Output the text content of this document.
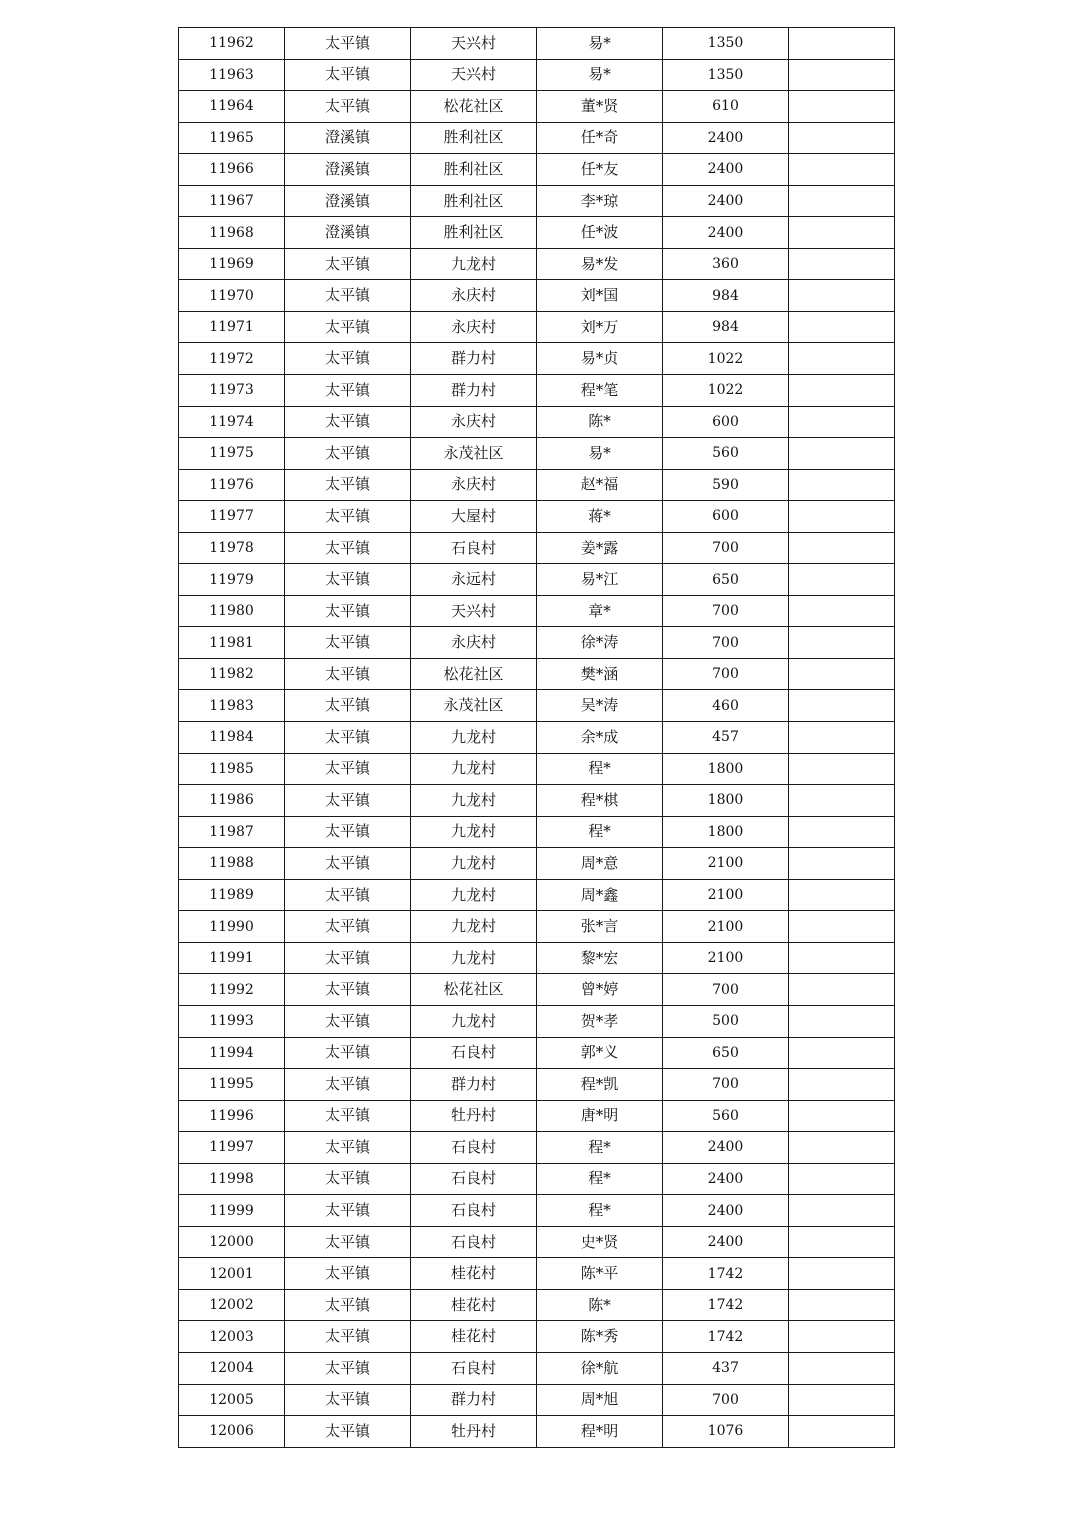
11962	太平镇	天兴村	易*	1350	
11963	太平镇	天兴村	易*	1350	
11964	太平镇	松花社区	董*贤	610	
11965	澄溪镇	胜利社区	任*奇	2400	
11966	澄溪镇	胜利社区	任*友	2400	
11967	澄溪镇	胜利社区	李*琼	2400	
11968	澄溪镇	胜利社区	任*波	2400	
11969	太平镇	九龙村	易*发	360	
11970	太平镇	永庆村	刘*国	984	
11971	太平镇	永庆村	刘*万	984	
11972	太平镇	群力村	易*贞	1022	
11973	太平镇	群力村	程*笔	1022	
11974	太平镇	永庆村	陈*	600	
11975	太平镇	永茂社区	易*	560	
11976	太平镇	永庆村	赵*福	590	
11977	太平镇	大屋村	蒋*	600	
11978	太平镇	石良村	姜*露	700	
11979	太平镇	永远村	易*江	650	
11980	太平镇	天兴村	章*	700	
11981	太平镇	永庆村	徐*涛	700	
11982	太平镇	松花社区	樊*涵	700	
11983	太平镇	永茂社区	吴*涛	460	
11984	太平镇	九龙村	余*成	457	
11985	太平镇	九龙村	程*	1800	
11986	太平镇	九龙村	程*棋	1800	
11987	太平镇	九龙村	程*	1800	
11988	太平镇	九龙村	周*意	2100	
11989	太平镇	九龙村	周*鑫	2100	
11990	太平镇	九龙村	张*言	2100	
11991	太平镇	九龙村	黎*宏	2100	
11992	太平镇	松花社区	曾*婷	700	
11993	太平镇	九龙村	贺*孝	500	
11994	太平镇	石良村	郭*义	650	
11995	太平镇	群力村	程*凯	700	
11996	太平镇	牡丹村	唐*明	560	
11997	太平镇	石良村	程*	2400	
11998	太平镇	石良村	程*	2400	
11999	太平镇	石良村	程*	2400	
12000	太平镇	石良村	史*贤	2400	
12001	太平镇	桂花村	陈*平	1742	
12002	太平镇	桂花村	陈*	1742	
12003	太平镇	桂花村	陈*秀	1742	
12004	太平镇	石良村	徐*航	437	
12005	太平镇	群力村	周*旭	700	
12006	太平镇	牡丹村	程*明	1076	
